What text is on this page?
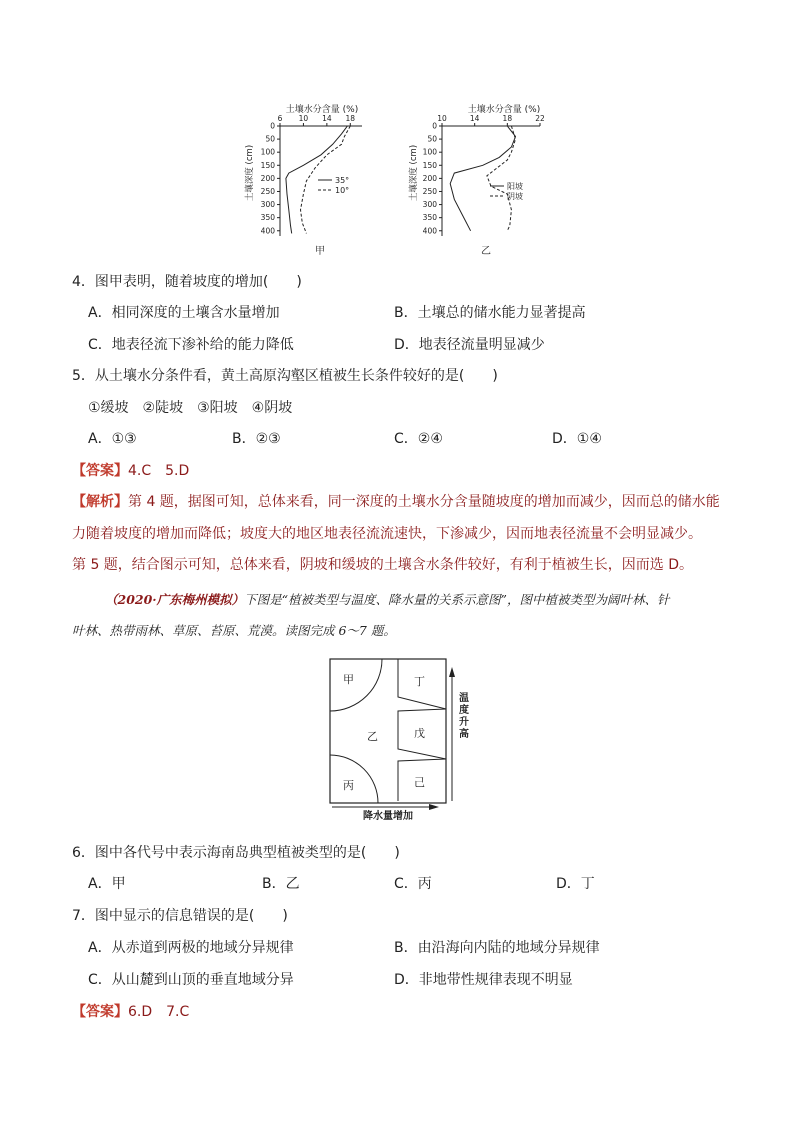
土壤水分含量 (%)
土壤深度 (cm)
甲
6 10 14 18
0
50
100
150
200
250
300
350
400
35°
10°
土壤水分含量 (%)
土壤深度 (cm)
乙
10	14	18	22
0
50
100
150
200
250
300
350
400
阳坡
阴坡
4．图甲表明，随着坡度的增加(　　)
A．相同深度的土壤含水量增加	B．土壤总的储水能力显著提高
C．地表径流下渗补给的能力降低	D．地表径流量明显减少
5．从土壤水分条件看，黄土高原沟壑区植被生长条件较好的是(　　)
①缓坡　②陡坡　③阳坡　④阴坡
A．①③	B．②③	C．②④	D．①④
【答案】4.C　5.D
【解析】第 4 题，据图可知，总体来看，同一深度的土壤水分含量随坡度的增加而减少，因而总的储水能
力随着坡度的增加而降低；坡度大的地区地表径流流速快，下渗减少，因而地表径流量不会明显减少。
第 5 题，结合图示可知，总体来看，阴坡和缓坡的土壤含水条件较好，有利于植被生长，因而选 D。
（2020·广东梅州模拟）下图是“植被类型与温度、降水量的关系示意图”，图中植被类型为阔叶林、针
叶林、热带雨林、草原、苔原、荒漠。读图完成 6～7 题。
甲
乙
丙
丁
戊
己
温度升高
降水量增加
6．图中各代号中表示海南岛典型植被类型的是(　　)
A．甲	B．乙	C．丙	D．丁
7．图中显示的信息错误的是(　　)
A．从赤道到两极的地域分异规律	B．由沿海向内陆的地域分异规律
C．从山麓到山顶的垂直地域分异	D．非地带性规律表现不明显
【答案】6.D　7.C
